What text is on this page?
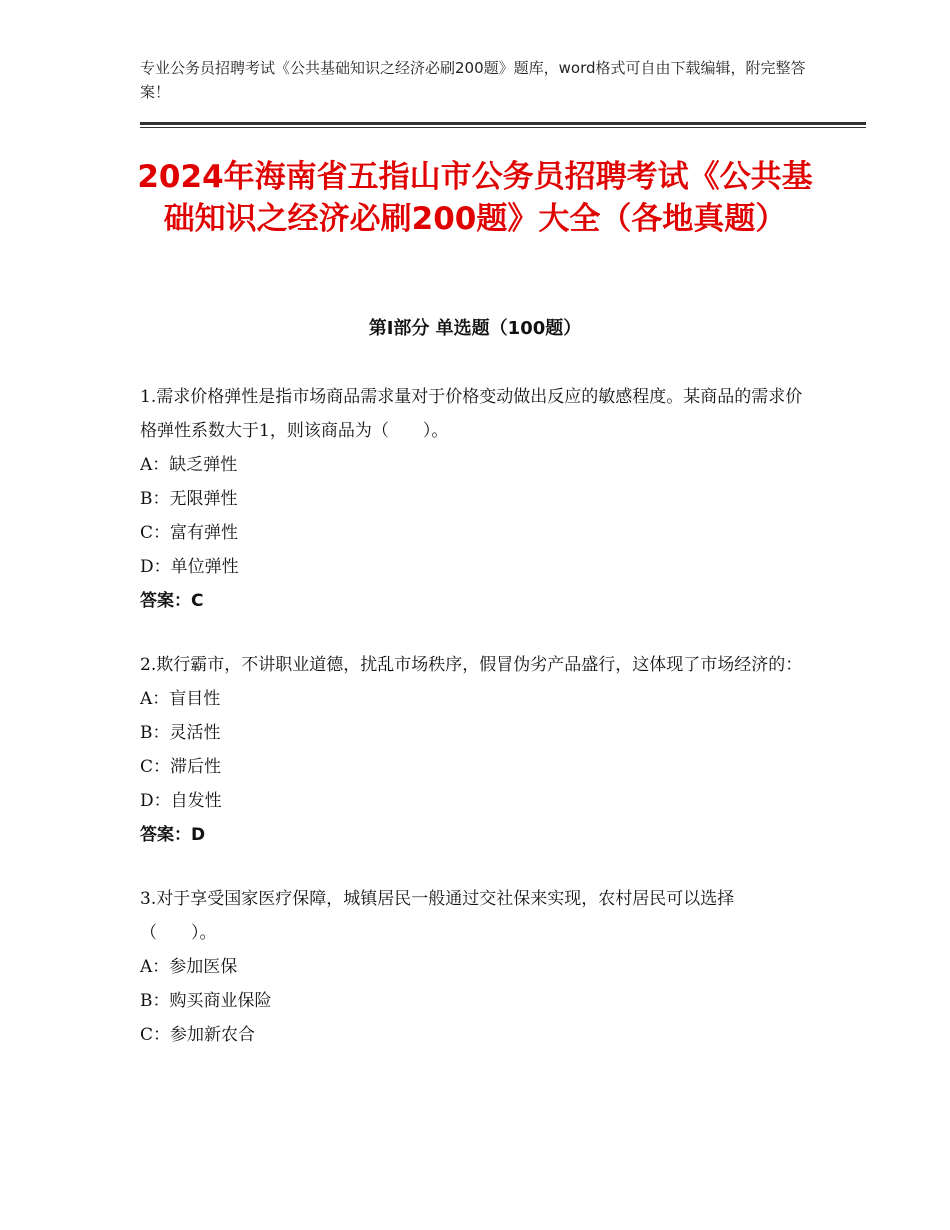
专业公务员招聘考试《公共基础知识之经济必刷200题》题库，word格式可自由下载编辑，附完整答案！
2024年海南省五指山市公务员招聘考试《公共基础知识之经济必刷200题》大全（各地真题）
第Ⅰ部分 单选题（100题）
1.需求价格弹性是指市场商品需求量对于价格变动做出反应的敏感程度。某商品的需求价格弹性系数大于1，则该商品为（　　）。
A：缺乏弹性
B：无限弹性
C：富有弹性
D：单位弹性
答案：C
2.欺行霸市，不讲职业道德，扰乱市场秩序，假冒伪劣产品盛行，这体现了市场经济的：
A：盲目性
B：灵活性
C：滞后性
D：自发性
答案：D
3.对于享受国家医疗保障，城镇居民一般通过交社保来实现，农村居民可以选择（　　）。
A：参加医保
B：购买商业保险
C：参加新农合
